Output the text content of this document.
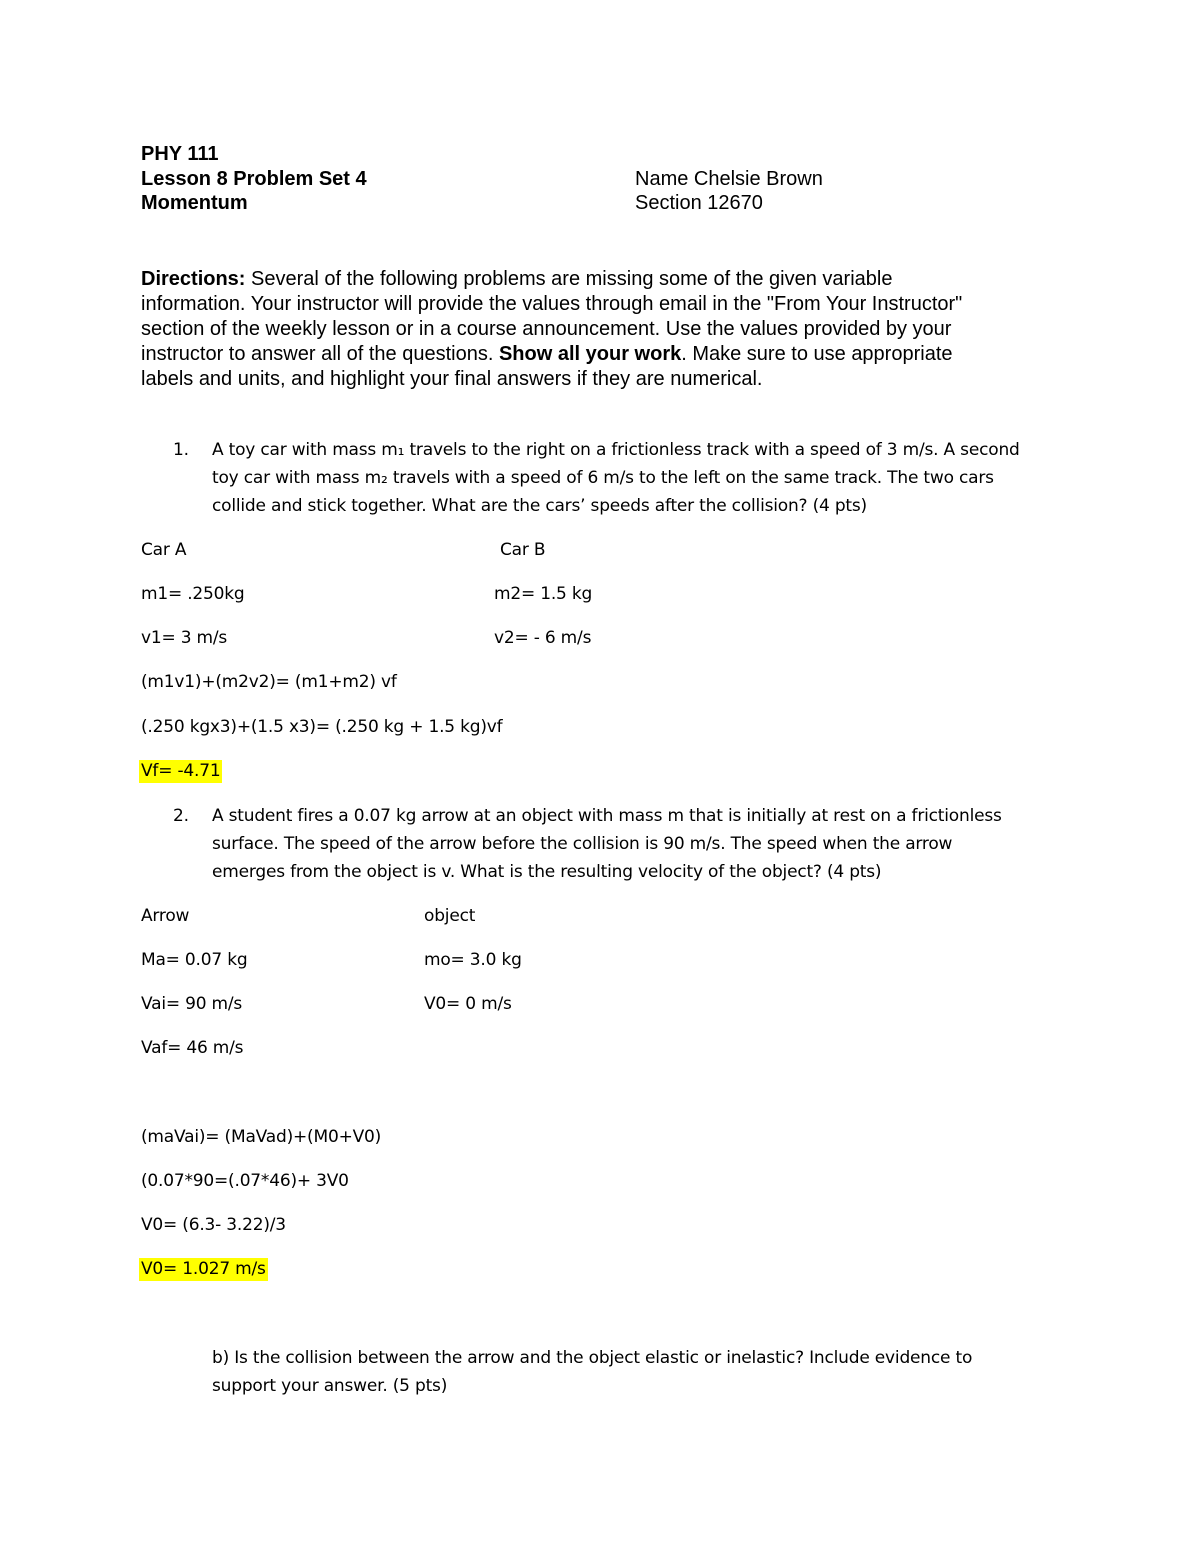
PHY 111
Lesson 8 Problem Set 4
Momentum
Name Chelsie Brown
Section 12670
Directions: Several of the following problems are missing some of the given variable
information. Your instructor will provide the values through email in the "From Your Instructor"
section of the weekly lesson or in a course announcement. Use the values provided by your
instructor to answer all of the questions. Show all your work. Make sure to use appropriate
labels and units, and highlight your final answers if they are numerical.
1. A toy car with mass m₁ travels to the right on a frictionless track with a speed of 3 m/s. A second
toy car with mass m₂ travels with a speed of 6 m/s to the left on the same track. The two cars
collide and stick together. What are the cars’ speeds after the collision? (4 pts)
Car A	Car B
m1= .250kg	m2= 1.5 kg
v1= 3 m/s	v2= - 6 m/s
(m1v1)+(m2v2)= (m1+m2) vf
(.250 kgx3)+(1.5 x3)= (.250 kg + 1.5 kg)vf
Vf= -4.71
2. A student fires a 0.07 kg arrow at an object with mass m that is initially at rest on a frictionless
surface. The speed of the arrow before the collision is 90 m/s. The speed when the arrow
emerges from the object is v. What is the resulting velocity of the object? (4 pts)
Arrow	object
Ma= 0.07 kg	mo= 3.0 kg
Vai= 90 m/s	V0= 0 m/s
Vaf= 46 m/s
(maVai)= (MaVad)+(M0+V0)
(0.07*90=(.07*46)+ 3V0
V0= (6.3- 3.22)/3
V0= 1.027 m/s
b) Is the collision between the arrow and the object elastic or inelastic? Include evidence to
support your answer. (5 pts)
